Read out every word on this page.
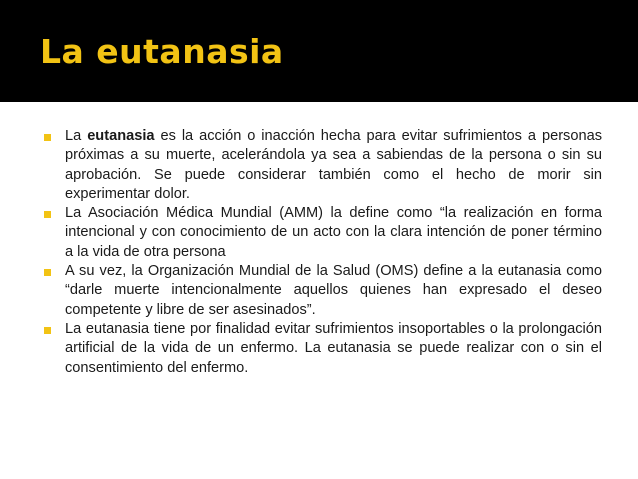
La eutanasia
La eutanasia es la acción o inacción hecha para evitar sufrimientos a personas próximas a su muerte, acelerándola ya sea a sabiendas de la persona o sin su aprobación. Se puede considerar también como el hecho de morir sin experimentar dolor.
La Asociación Médica Mundial (AMM) la define como “la realización en forma intencional y con conocimiento de un acto con la clara intención de poner término a la vida de otra persona
A su vez, la Organización Mundial de la Salud (OMS) define a la eutanasia como “darle muerte intencionalmente aquellos quienes han expresado el deseo competente y libre de ser asesinados”.
La eutanasia tiene por finalidad evitar sufrimientos insoportables o la prolongación artificial de la vida de un enfermo. La eutanasia se puede realizar con o sin el consentimiento del enfermo.
